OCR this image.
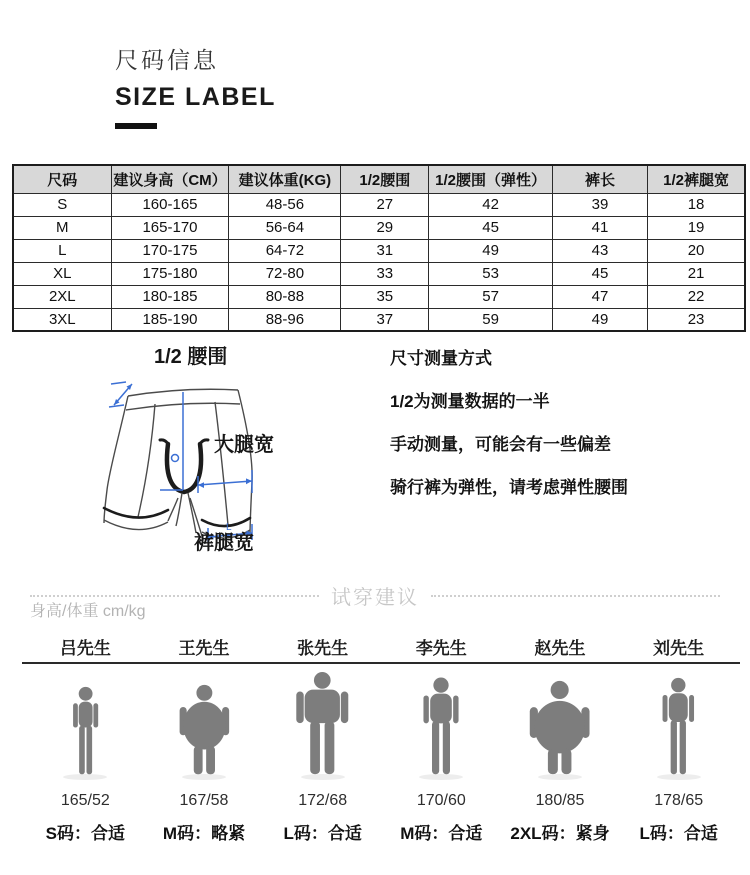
尺码信息
SIZE LABEL
尺码	建议身高（CM）	建议体重(KG)	1/2腰围	1/2腰围（弹性）	裤长	1/2裤腿宽
S	160-165	48-56	27	42	39	18
M	165-170	56-64	29	45	41	19
L	170-175	64-72	31	49	43	20
XL	175-180	72-80	33	53	45	21
2XL	180-185	80-88	35	57	47	22
3XL	185-190	88-96	37	59	49	23
1/2 腰围
L
大腿宽
裤腿宽
尺寸测量方式
1/2为测量数据的一半
手动测量，可能会有一些偏差
骑行裤为弹性，请考虑弹性腰围
试穿建议
身高/体重 cm/kg
吕先生
165/52
S码：合适
王先生
167/58
M码：略紧
张先生
172/68
L码：合适
李先生
170/60
M码：合适
赵先生
180/85
2XL码：紧身
刘先生
178/65
L码：合适
